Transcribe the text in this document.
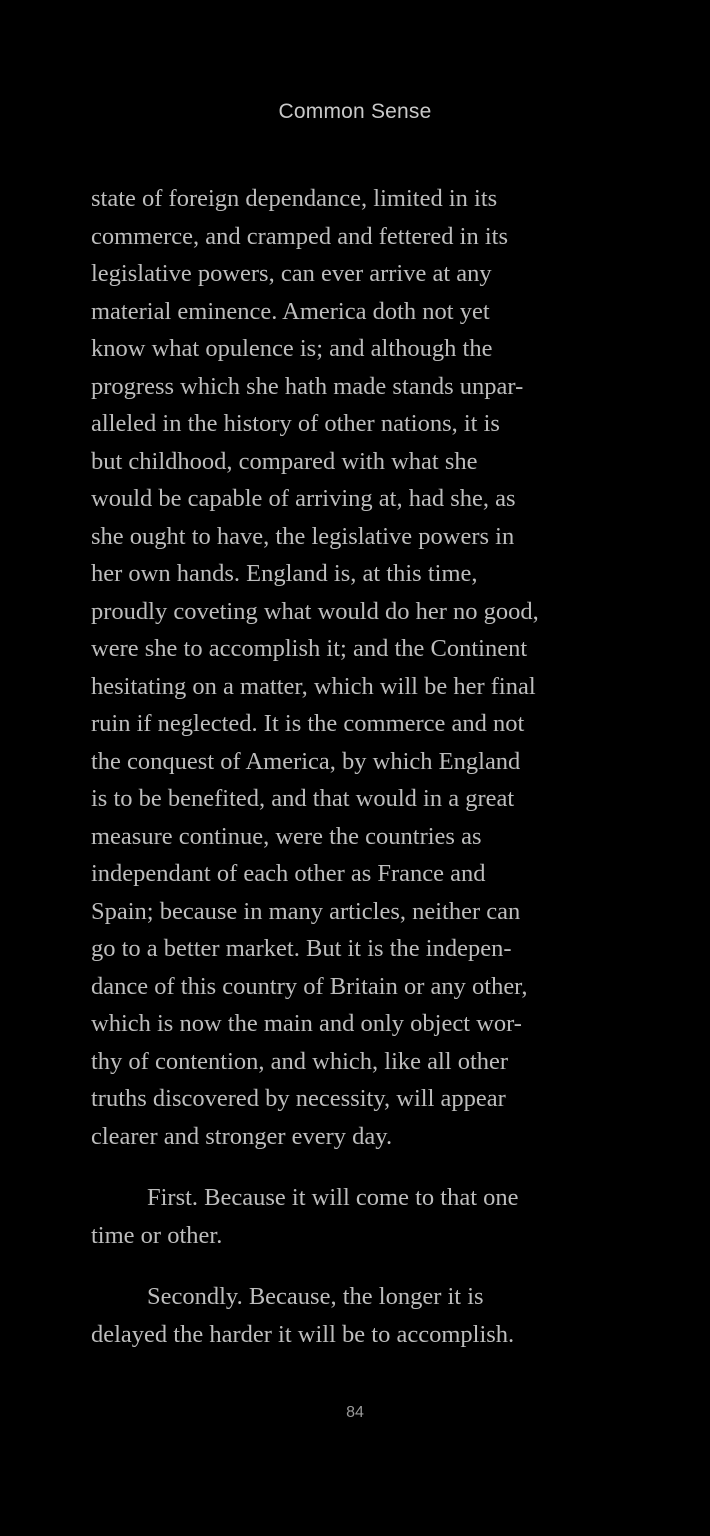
Common Sense

state of foreign dependance, limited in its
commerce, and cramped and fettered in its
legislative powers, can ever arrive at any
material eminence. America doth not yet
know what opulence is; and although the
progress which she hath made stands unpar-
alleled in the history of other nations, it is
but childhood, compared with what she
would be capable of arriving at, had she, as
she ought to have, the legislative powers in
her own hands. England is, at this time,
proudly coveting what would do her no good,
were she to accomplish it; and the Continent
hesitating on a matter, which will be her final
ruin if neglected. It is the commerce and not
the conquest of America, by which England
is to be benefited, and that would in a great
measure continue, were the countries as
independant of each other as France and
Spain; because in many articles, neither can
go to a better market. But it is the indepen-
dance of this country of Britain or any other,
which is now the main and only object wor-
thy of contention, and which, like all other
truths discovered by necessity, will appear
clearer and stronger every day.

First. Because it will come to that one
time or other.

Secondly. Because, the longer it is
delayed the harder it will be to accomplish.

84
